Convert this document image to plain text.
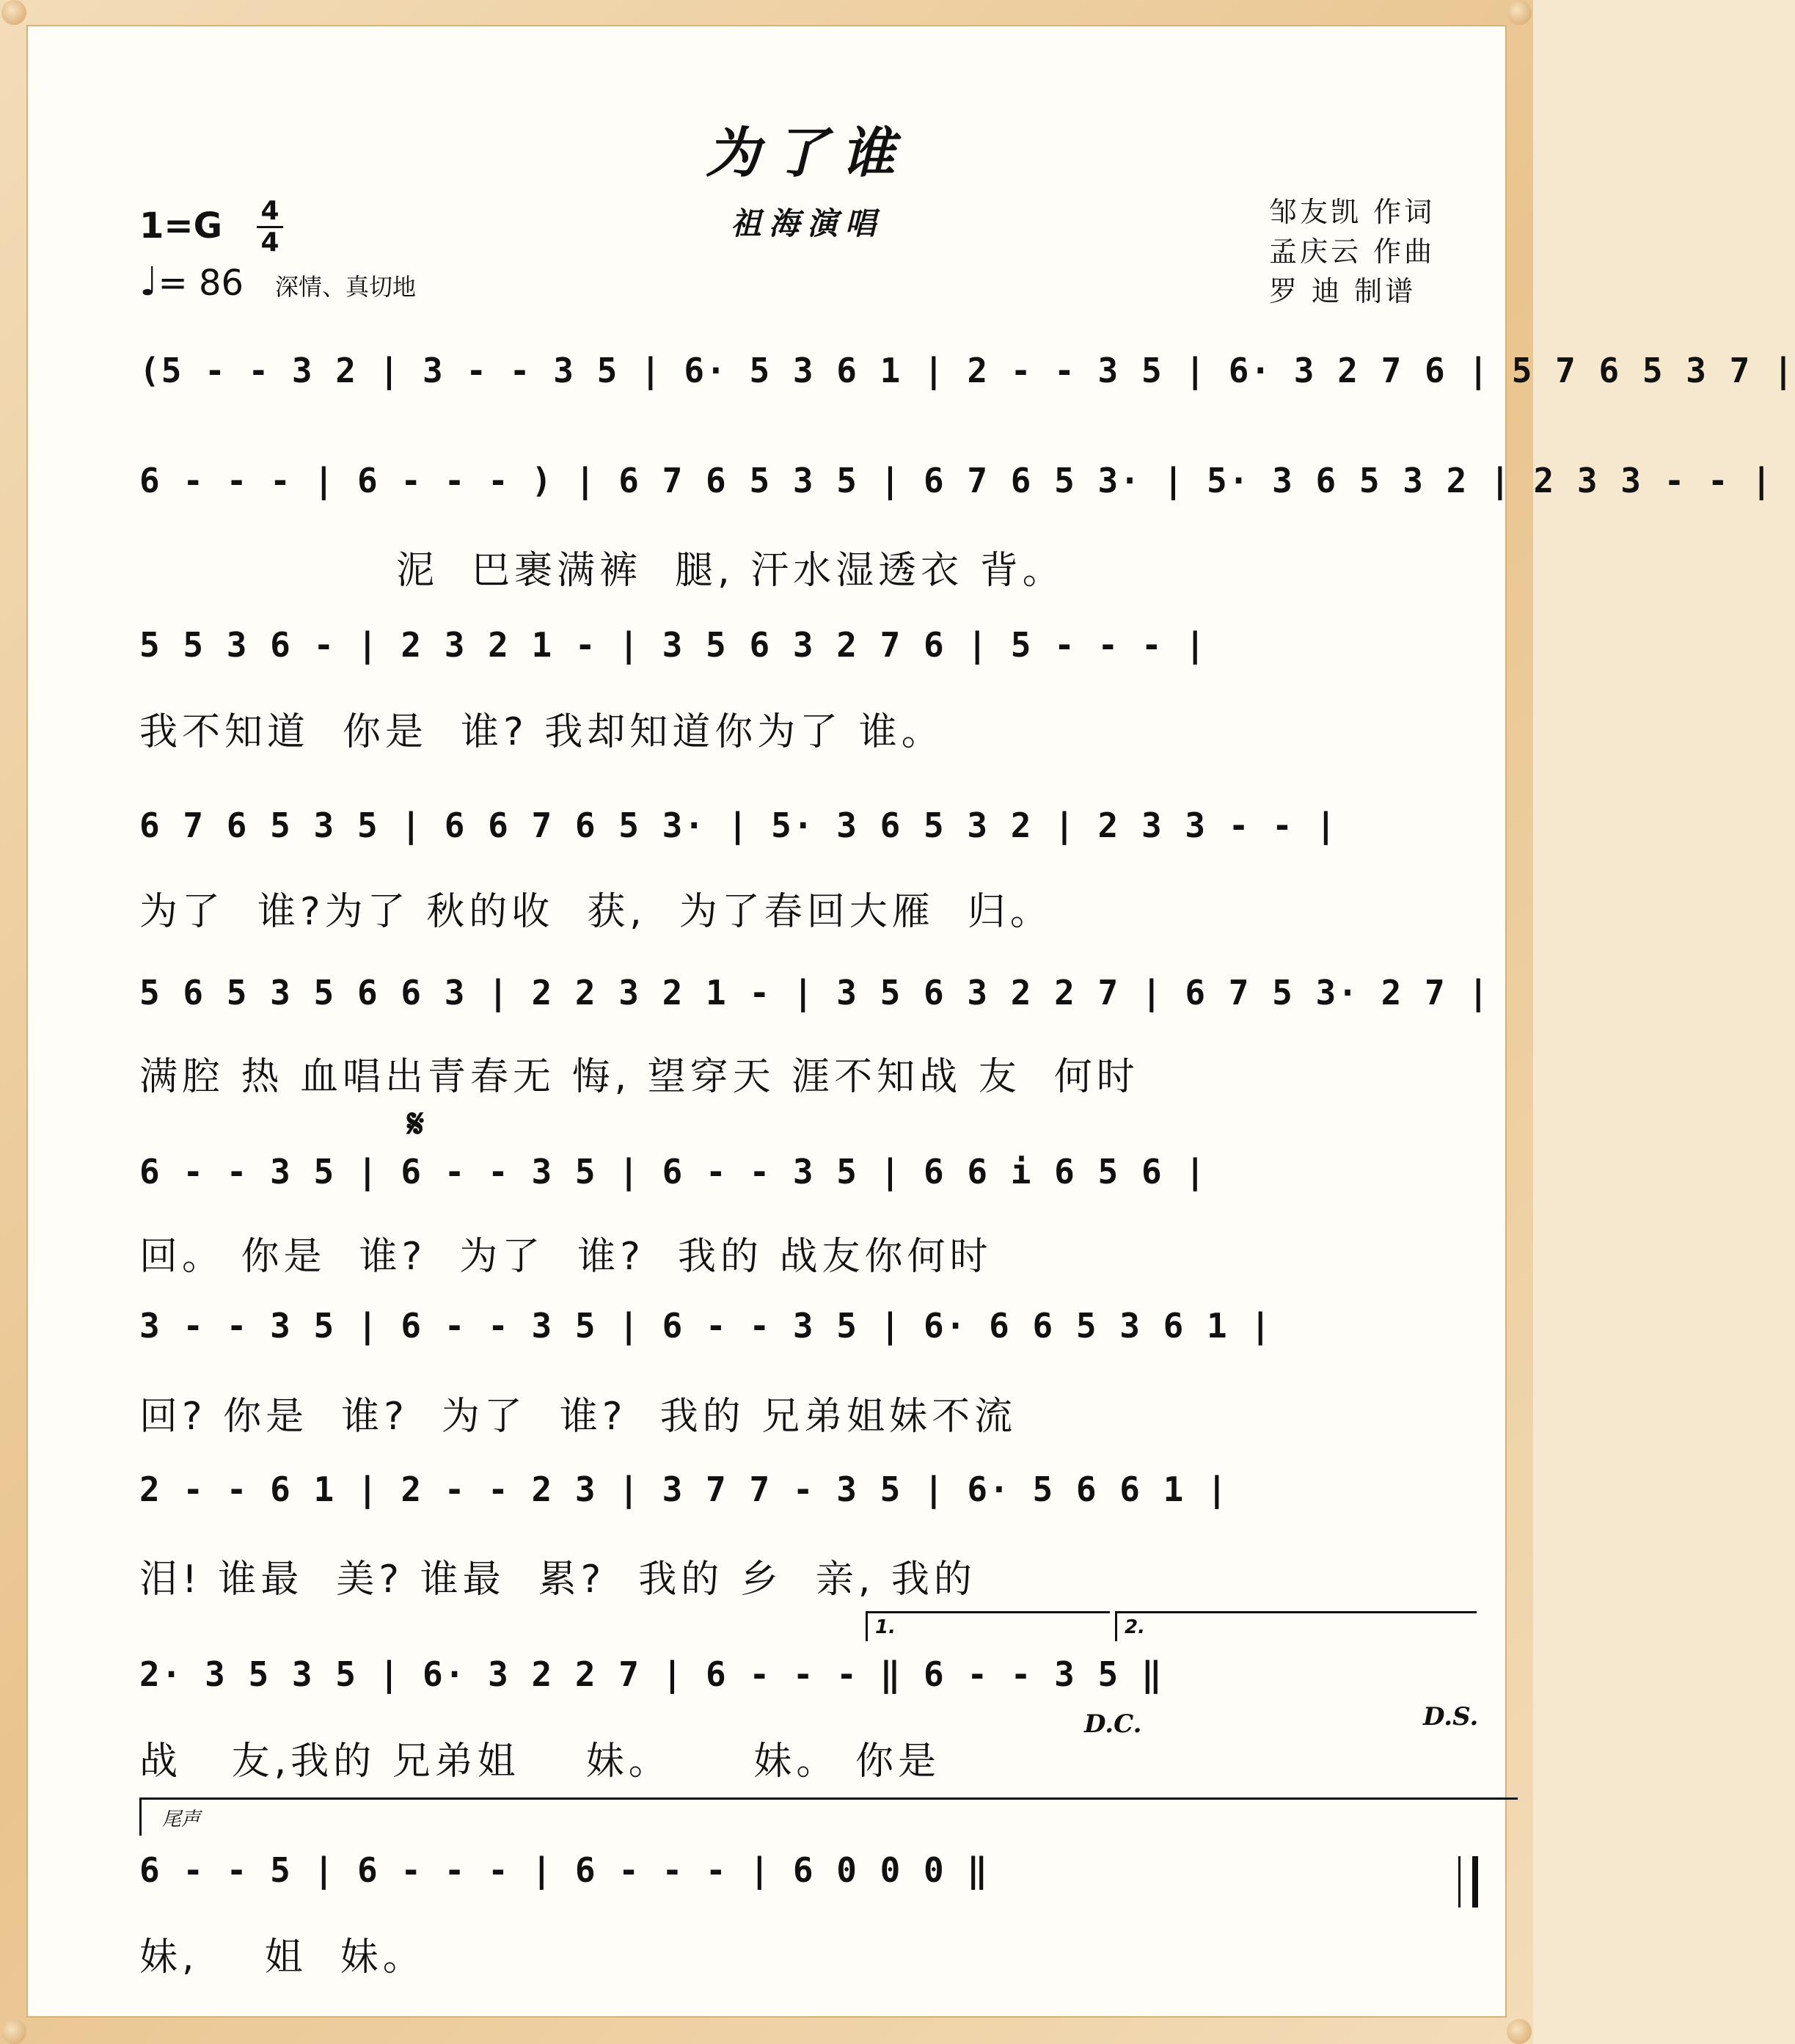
为了谁
祖海演唱	邹友凯 作词
孟庆云 作曲
罗 迪 制谱
1=G 4
4
♩= 86 深情、真切地
(5 - - 3 2 | 3 - - 3 5 | 6· 5 3 6 1 | 2 - - 3 5 | 6· 3 2 7 6 | 5 7 6 5 3 7 |
6 - - - | 6 - - - ) | 6 7 6 5 3 5 | 6 7 6 5 3· | 5· 3 6 5 3 2 | 2 3 3 - - |
5 5 3 6 - | 2 3 2 1 - | 3 5 6 3 2 7 6 | 5 - - - |
6 7 6 5 3 5 | 6 6 7 6 5 3· | 5· 3 6 5 3 2 | 2 3 3 - - |
5 6 5 3 5 6 6 3 | 2 2 3 2 1 - | 3 5 6 3 2 2 7 | 6 7 5 3· 2 7 |
6 - - 3 5 | 6 - - 3 5 | 6 - - 3 5 | 6 6 i 6 5 6 |
3 - - 3 5 | 6 - - 3 5 | 6 - - 3 5 | 6· 6 6 5 3 6 1 |
2 - - 6 1 | 2 - - 2 3 | 3 7 7 - 3 5 | 6· 5 6 6 1 |
2· 3 5 3 5 | 6· 3 2 2 7 | 6 - - - ‖ 6 - - 3 5 ‖
6 - - 5 | 6 - - - | 6 - - - | 6 0 0 0 ‖
泥  巴裹满裤  腿, 汗水湿透衣 背。
我不知道  你是  谁? 我却知道你为了 谁。
为了  谁?为了 秋的收  获,  为了春回大雁  归。
满腔 热 血唱出青春无 悔, 望穿天 涯不知战 友  何时
回。 你是  谁?  为了  谁?  我的 战友你何时
回? 你是  谁?  为了  谁?  我的 兄弟姐妹不流
泪! 谁最  美? 谁最  累?  我的 乡  亲, 我的
战   友,我的 兄弟姐    妹。     妹。 你是
妹,    姐  妹。
𝄋
1.	2.
D.C.	D.S.
尾声
